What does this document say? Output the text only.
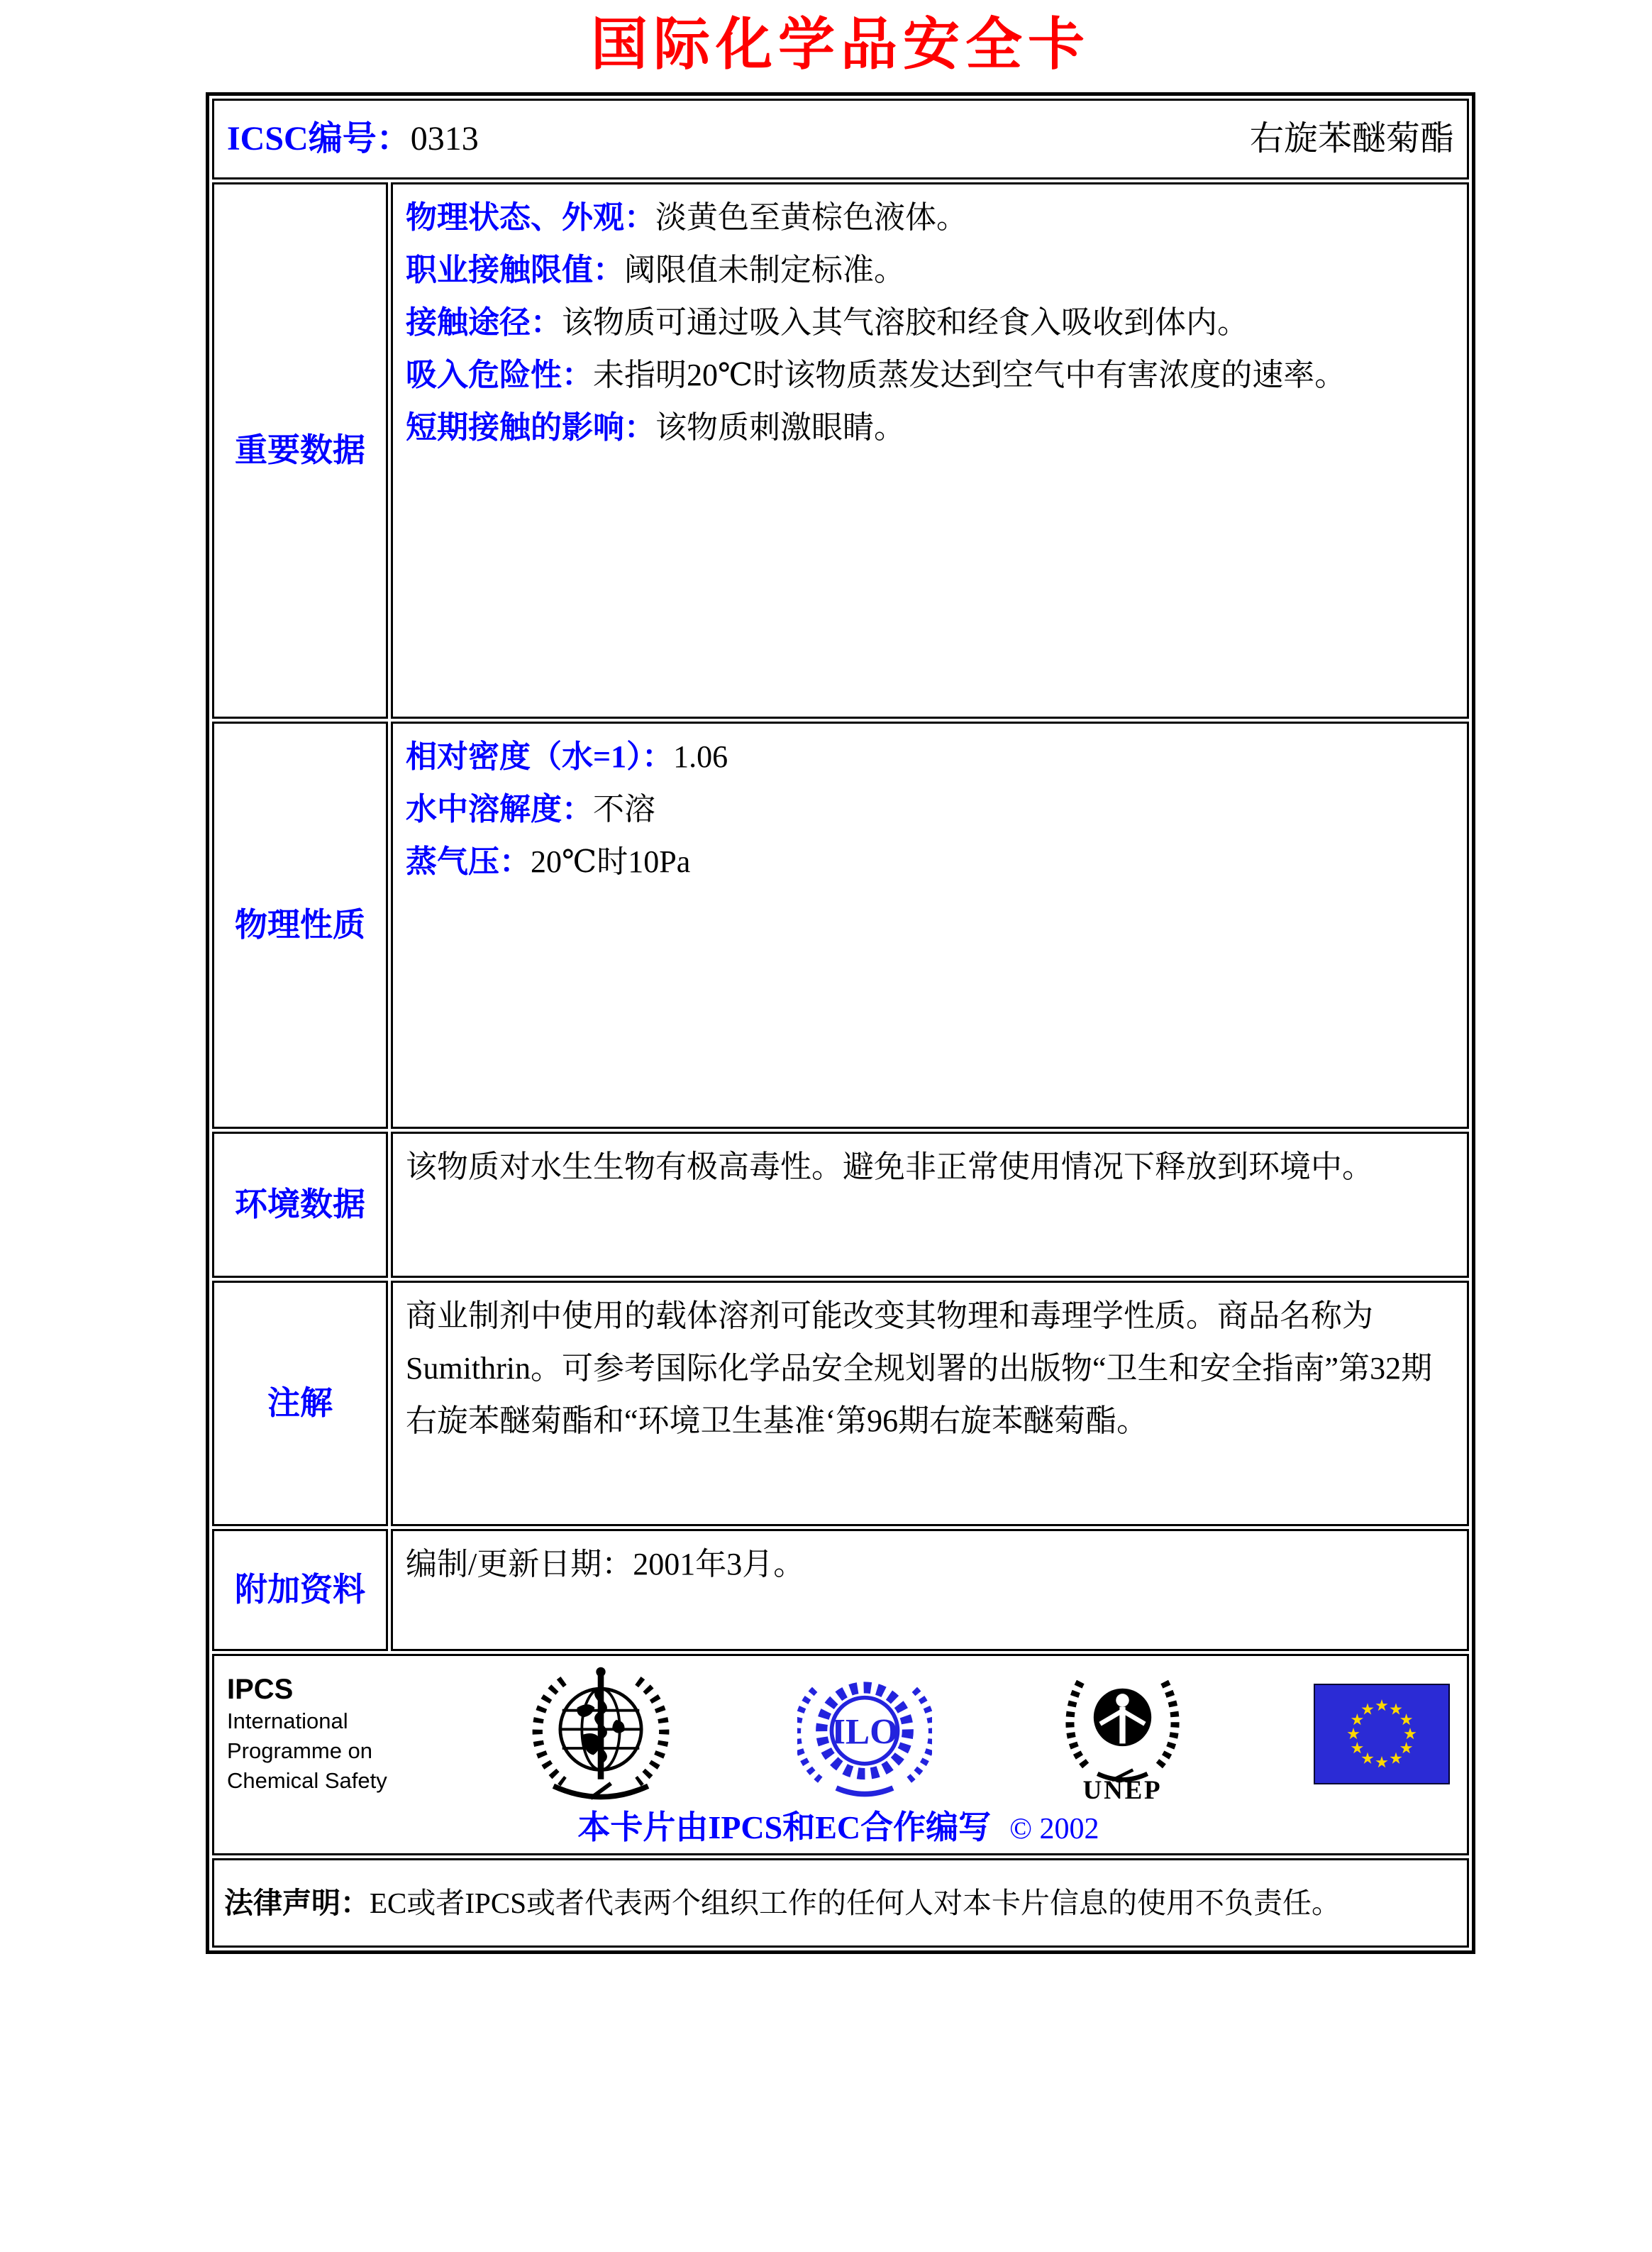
国际化学品安全卡
ICSC编号：0313 右旋苯醚菊酯	

重要数据	物理状态、外观：淡黄色至黄棕色液体。
职业接触限值：阈限值未制定标准。
接触途径：该物质可通过吸入其气溶胶和经食入吸收到体内。
吸入危险性：未指明20℃时该物质蒸发达到空气中有害浓度的速率。
短期接触的影响：该物质刺激眼睛。

物理性质	相对密度（水=1）：1.06
水中溶解度：不溶
蒸气压：20℃时10Pa

环境数据	该物质对水生生物有极高毒性。避免非正常使用情况下释放到环境中。

注解	商业制剂中使用的载体溶剂可能改变其物理和毒理学性质。商品名称为Sumithrin。可参考国际化学品安全规划署的出版物“卫生和安全指南”第32期右旋苯醚菊酯和“环境卫生基准‘第96期右旋苯醚菊酯。

附加资料	编制/更新日期：2001年3月。

IPCS
International
Programme on
Chemical Safety
ILO
UNEP
本卡片由IPCS和EC合作编写 © 2002

法律声明：EC或者IPCS或者代表两个组织工作的任何人对本卡片信息的使用不负责任。	
